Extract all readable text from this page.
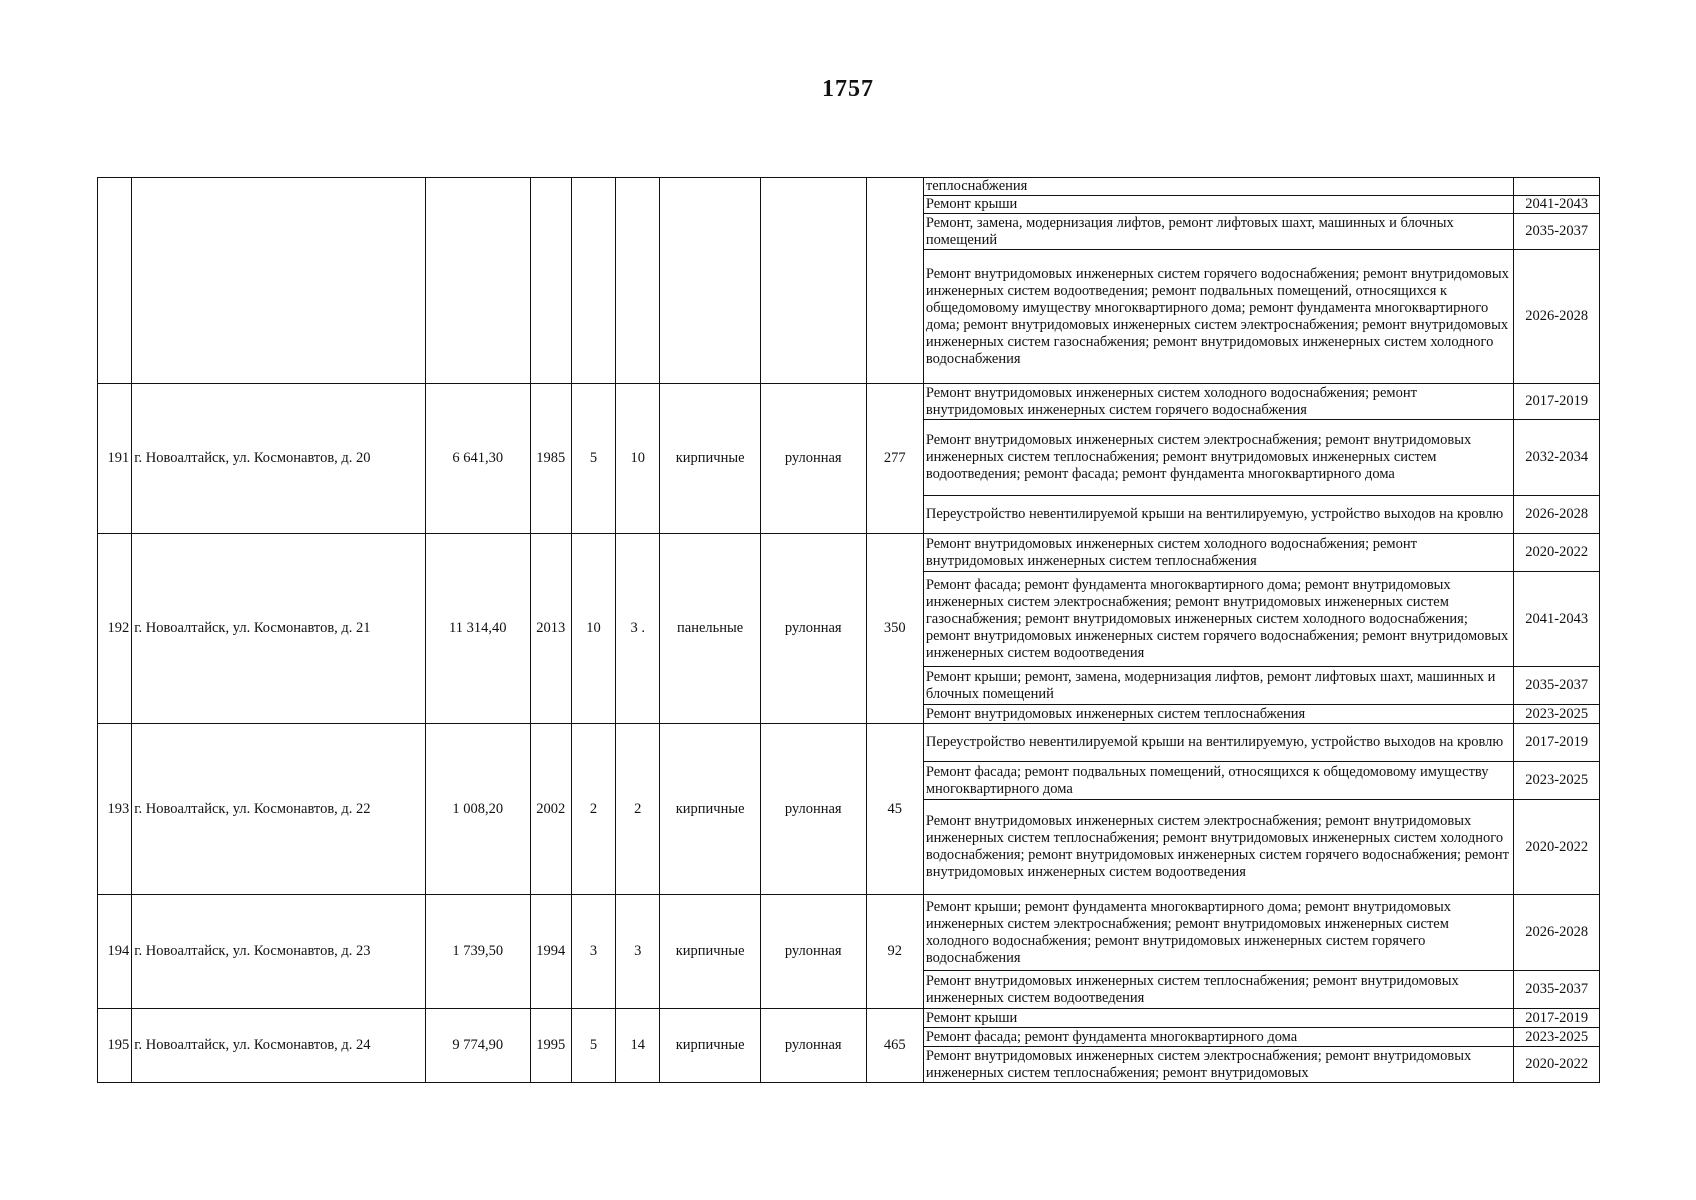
1757
									теплоснабжения	
									Ремонт крыши	2041-2043
									Ремонт, замена, модернизация лифтов, ремонт лифтовых шахт, машинных и блочных помещений	2035-2037
									Ремонт внутридомовых инженерных систем горячего водоснабжения; ремонт внутридомовых инженерных систем водоотведения; ремонт подвальных помещений, относящихся к общедомовому имуществу многоквартирного дома; ремонт фундамента многоквартирного дома; ремонт внутридомовых инженерных систем электроснабжения; ремонт внутридомовых инженерных систем газоснабжения; ремонт внутридомовых инженерных систем холодного водоснабжения	2026-2028
191	г. Новоалтайск, ул. Космонавтов, д. 20	6 641,30	1985	5	10	кирпичные	рулонная	277	Ремонт внутридомовых инженерных систем холодного водоснабжения; ремонт внутридомовых инженерных систем горячего водоснабжения	2017-2019
									Ремонт внутридомовых инженерных систем электроснабжения; ремонт внутридомовых инженерных систем теплоснабжения; ремонт внутридомовых инженерных систем водоотведения; ремонт фасада; ремонт фундамента многоквартирного дома	2032-2034
									Переустройство невентилируемой крыши на вентилируемую, устройство выходов на кровлю	2026-2028
192	г. Новоалтайск, ул. Космонавтов, д. 21	11 314,40	2013	10	3 .	панельные	рулонная	350	Ремонт внутридомовых инженерных систем холодного водоснабжения; ремонт внутридомовых инженерных систем теплоснабжения	2020-2022
									Ремонт фасада; ремонт фундамента многоквартирного дома; ремонт внутридомовых инженерных систем электроснабжения; ремонт внутридомовых инженерных систем газоснабжения; ремонт внутридомовых инженерных систем холодного водоснабжения; ремонт внутридомовых инженерных систем горячего водоснабжения; ремонт внутридомовых инженерных систем водоотведения	2041-2043
									Ремонт крыши; ремонт, замена, модернизация лифтов, ремонт лифтовых шахт, машинных и блочных помещений	2035-2037
									Ремонт внутридомовых инженерных систем теплоснабжения	2023-2025
193	г. Новоалтайск, ул. Космонавтов, д. 22	1 008,20	2002	2	2	кирпичные	рулонная	45	Переустройство невентилируемой крыши на вентилируемую, устройство выходов на кровлю	2017-2019
									Ремонт фасада; ремонт подвальных помещений, относящихся к общедомовому имуществу многоквартирного дома	2023-2025
									Ремонт внутридомовых инженерных систем электроснабжения; ремонт внутридомовых инженерных систем теплоснабжения; ремонт внутридомовых инженерных систем холодного водоснабжения; ремонт внутридомовых инженерных систем горячего водоснабжения; ремонт внутридомовых инженерных систем водоотведения	2020-2022
194	г. Новоалтайск, ул. Космонавтов, д. 23	1 739,50	1994	3	3	кирпичные	рулонная	92	Ремонт крыши; ремонт фундамента многоквартирного дома; ремонт внутридомовых инженерных систем электроснабжения; ремонт внутридомовых инженерных систем холодного водоснабжения; ремонт внутридомовых инженерных систем горячего водоснабжения	2026-2028
									Ремонт внутридомовых инженерных систем теплоснабжения; ремонт внутридомовых инженерных систем водоотведения	2035-2037
195	г. Новоалтайск, ул. Космонавтов, д. 24	9 774,90	1995	5	14	кирпичные	рулонная	465	Ремонт крыши	2017-2019
									Ремонт фасада; ремонт фундамента многоквартирного дома	2023-2025
									Ремонт внутридомовых инженерных систем электроснабжения; ремонт внутридомовых инженерных систем теплоснабжения; ремонт внутридомовых	2020-2022
